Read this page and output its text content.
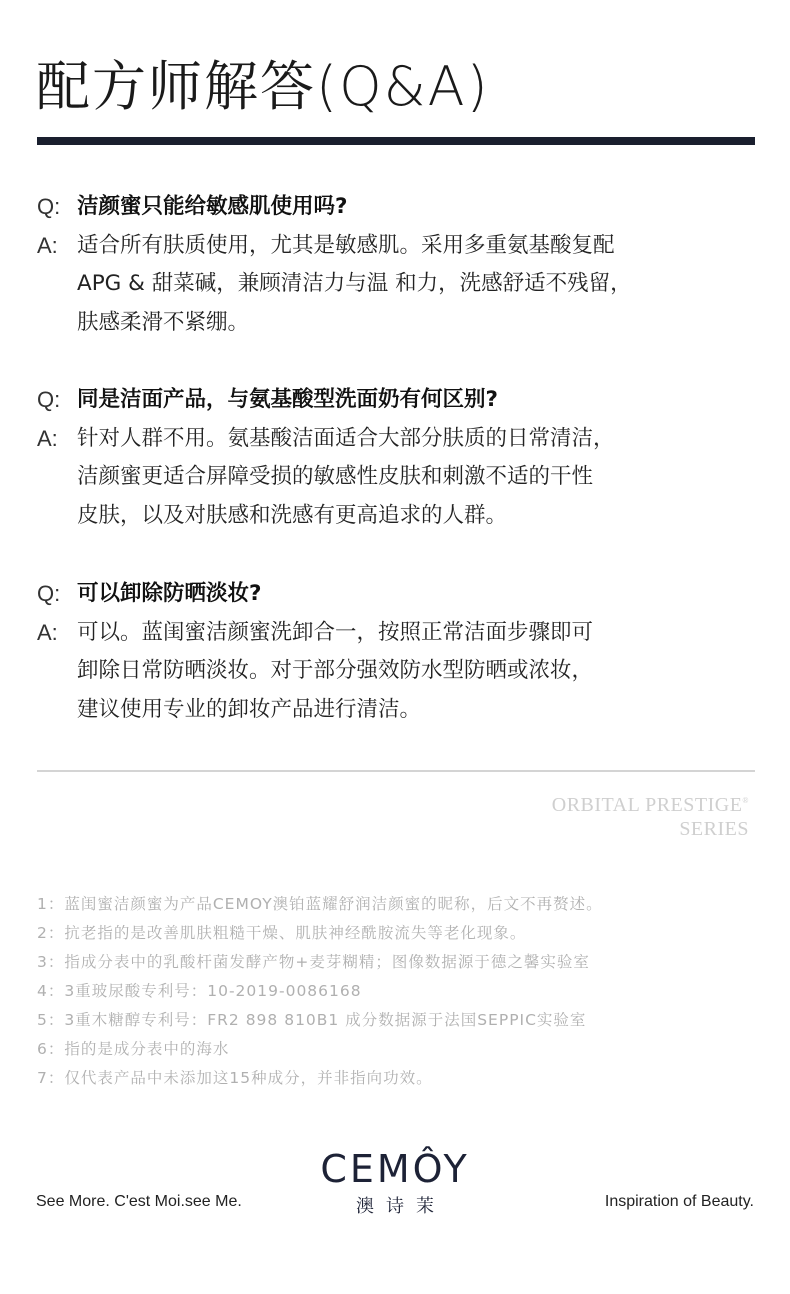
配方师解答(Q&A)
Q: 洁颜蜜只能给敏感肌使用吗?
A: 适合所有肤质使用，尤其是敏感肌。采用多重氨基酸复配
APG & 甜菜碱，兼顾清洁力与温 和力，洗感舒适不残留，
肤感柔滑不紧绷。
Q: 同是洁面产品，与氨基酸型洗面奶有何区别?
A: 针对人群不用。氨基酸洁面适合大部分肤质的日常清洁，
洁颜蜜更适合屏障受损的敏感性皮肤和刺激不适的干性
皮肤，以及对肤感和洗感有更高追求的人群。
Q: 可以卸除防晒淡妆?
A: 可以。蓝闺蜜洁颜蜜洗卸合一，按照正常洁面步骤即可
卸除日常防晒淡妆。对于部分强效防水型防晒或浓妆，
建议使用专业的卸妆产品进行清洁。
ORBITAL PRESTIGE®
SERIES
1：蓝闺蜜洁颜蜜为产品CEMOY澳铂蓝耀舒润洁颜蜜的昵称，后文不再赘述。
2：抗老指的是改善肌肤粗糙干燥、肌肤神经酰胺流失等老化现象。
3：指成分表中的乳酸杆菌发酵产物+麦芽糊精；图像数据源于德之馨实验室
4：3重玻尿酸专利号：10-2019-0086168
5：3重木糖醇专利号：FR2 898 810B1 成分数据源于法国SEPPIC实验室
6：指的是成分表中的海水
7：仅代表产品中未添加这15种成分，并非指向功效。
CEMÔY
澳诗茉
See More. C'est Moi.see Me.	Inspiration of Beauty.
